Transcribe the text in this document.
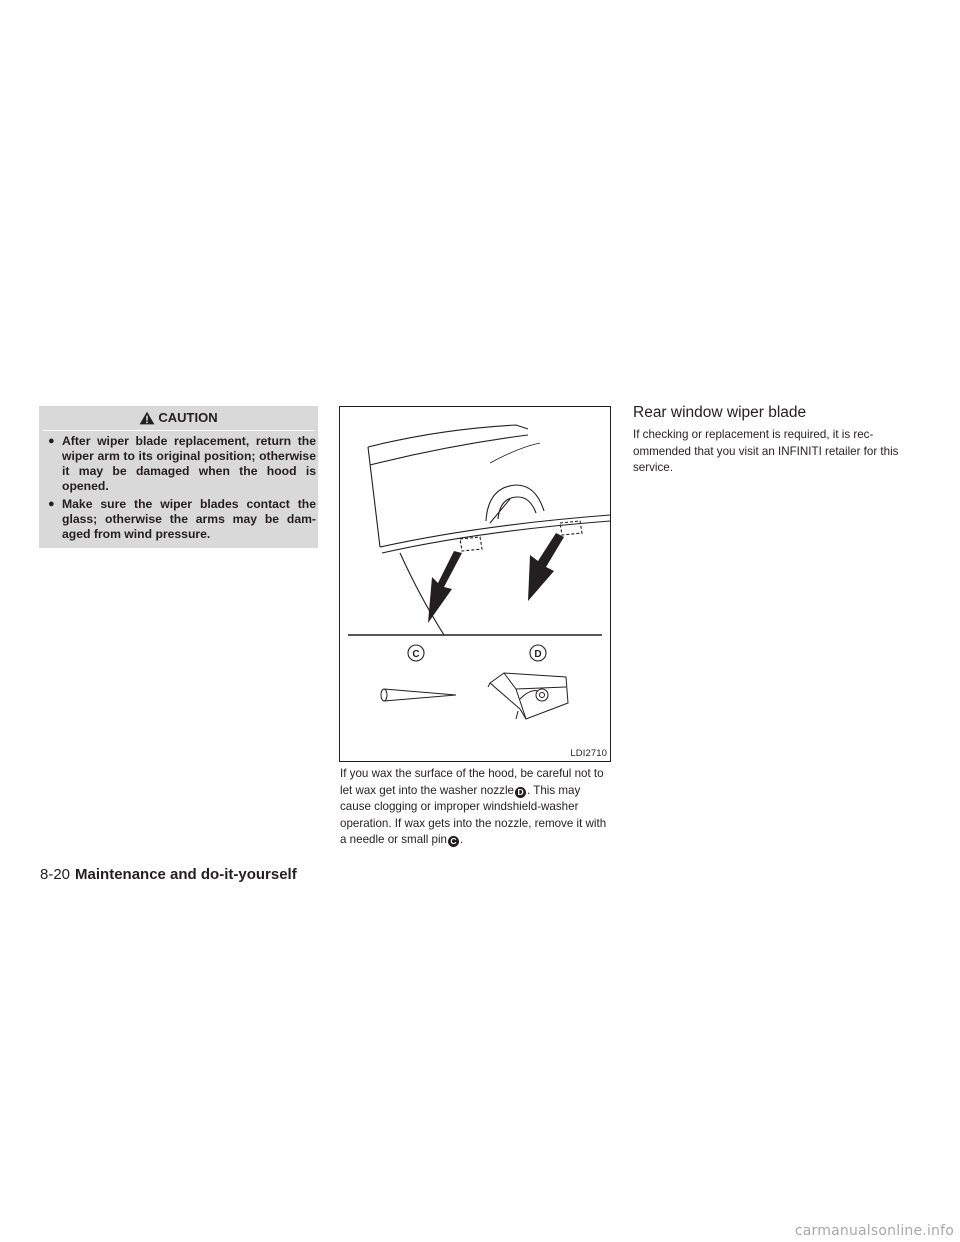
CAUTION
● After wiper blade replacement, return the wiper arm to its original position; otherwise it may be damaged when the hood is opened.
● Make sure the wiper blades contact the glass; otherwise the arms may be dam-aged from wind pressure.
C	D
LDI2710
If you wax the surface of the hood, be careful not to let wax get into the washer nozzle D . This may cause clogging or improper windshield-washer operation. If wax gets into the nozzle, remove it with a needle or small pin C .
Rear window wiper blade
If checking or replacement is required, it is rec-ommended that you visit an INFINITI retailer for this service.
8-20 Maintenance and do-it-yourself
carmanualsonline.info
